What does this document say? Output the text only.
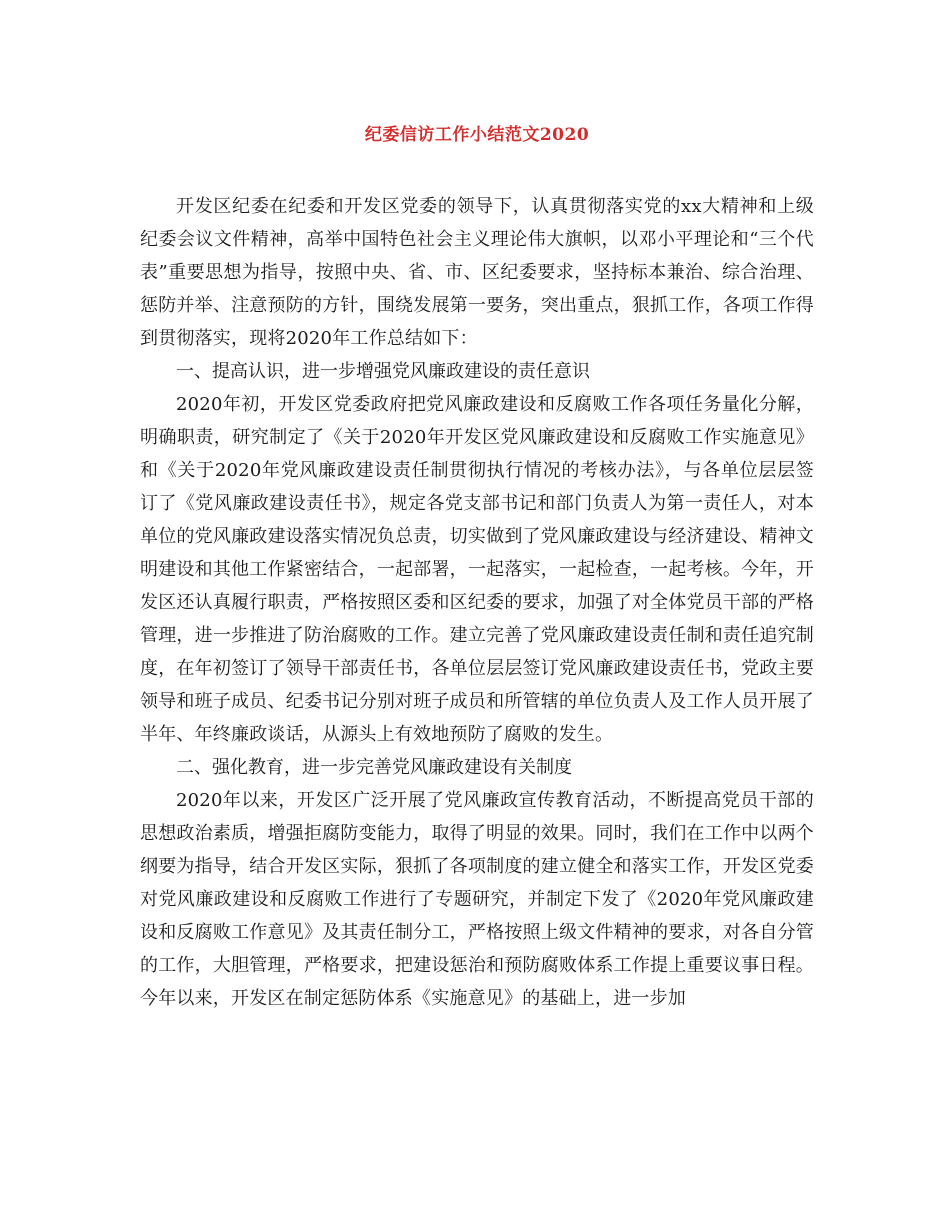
纪委信访工作小结范文2020

开发区纪委在纪委和开发区党委的领导下，认真贯彻落实党的xx大精神和上级纪委会议文件精神，高举中国特色社会主义理论伟大旗帜，以邓小平理论和“三个代表”重要思想为指导，按照中央、省、市、区纪委要求，坚持标本兼治、综合治理、惩防并举、注意预防的方针，围绕发展第一要务，突出重点，狠抓工作，各项工作得到贯彻落实，现将2020年工作总结如下：

一、提高认识，进一步增强党风廉政建设的责任意识

2020年初，开发区党委政府把党风廉政建设和反腐败工作各项任务量化分解，明确职责，研究制定了《关于2020年开发区党风廉政建设和反腐败工作实施意见》和《关于2020年党风廉政建设责任制贯彻执行情况的考核办法》，与各单位层层签订了《党风廉政建设责任书》，规定各党支部书记和部门负责人为第一责任人，对本单位的党风廉政建设落实情况负总责，切实做到了党风廉政建设与经济建设、精神文明建设和其他工作紧密结合，一起部署，一起落实，一起检查，一起考核。今年，开发区还认真履行职责，严格按照区委和区纪委的要求，加强了对全体党员干部的严格管理，进一步推进了防治腐败的工作。建立完善了党风廉政建设责任制和责任追究制度，在年初签订了领导干部责任书，各单位层层签订党风廉政建设责任书，党政主要领导和班子成员、纪委书记分别对班子成员和所管辖的单位负责人及工作人员开展了半年、年终廉政谈话，从源头上有效地预防了腐败的发生。

二、强化教育，进一步完善党风廉政建设有关制度

2020年以来，开发区广泛开展了党风廉政宣传教育活动，不断提高党员干部的思想政治素质，增强拒腐防变能力，取得了明显的效果。同时，我们在工作中以两个纲要为指导，结合开发区实际，狠抓了各项制度的建立健全和落实工作，开发区党委对党风廉政建设和反腐败工作进行了专题研究，并制定下发了《2020年党风廉政建设和反腐败工作意见》及其责任制分工，严格按照上级文件精神的要求，对各自分管的工作，大胆管理，严格要求，把建设惩治和预防腐败体系工作提上重要议事日程。今年以来，开发区在制定惩防体系《实施意见》的基础上，进一步加
